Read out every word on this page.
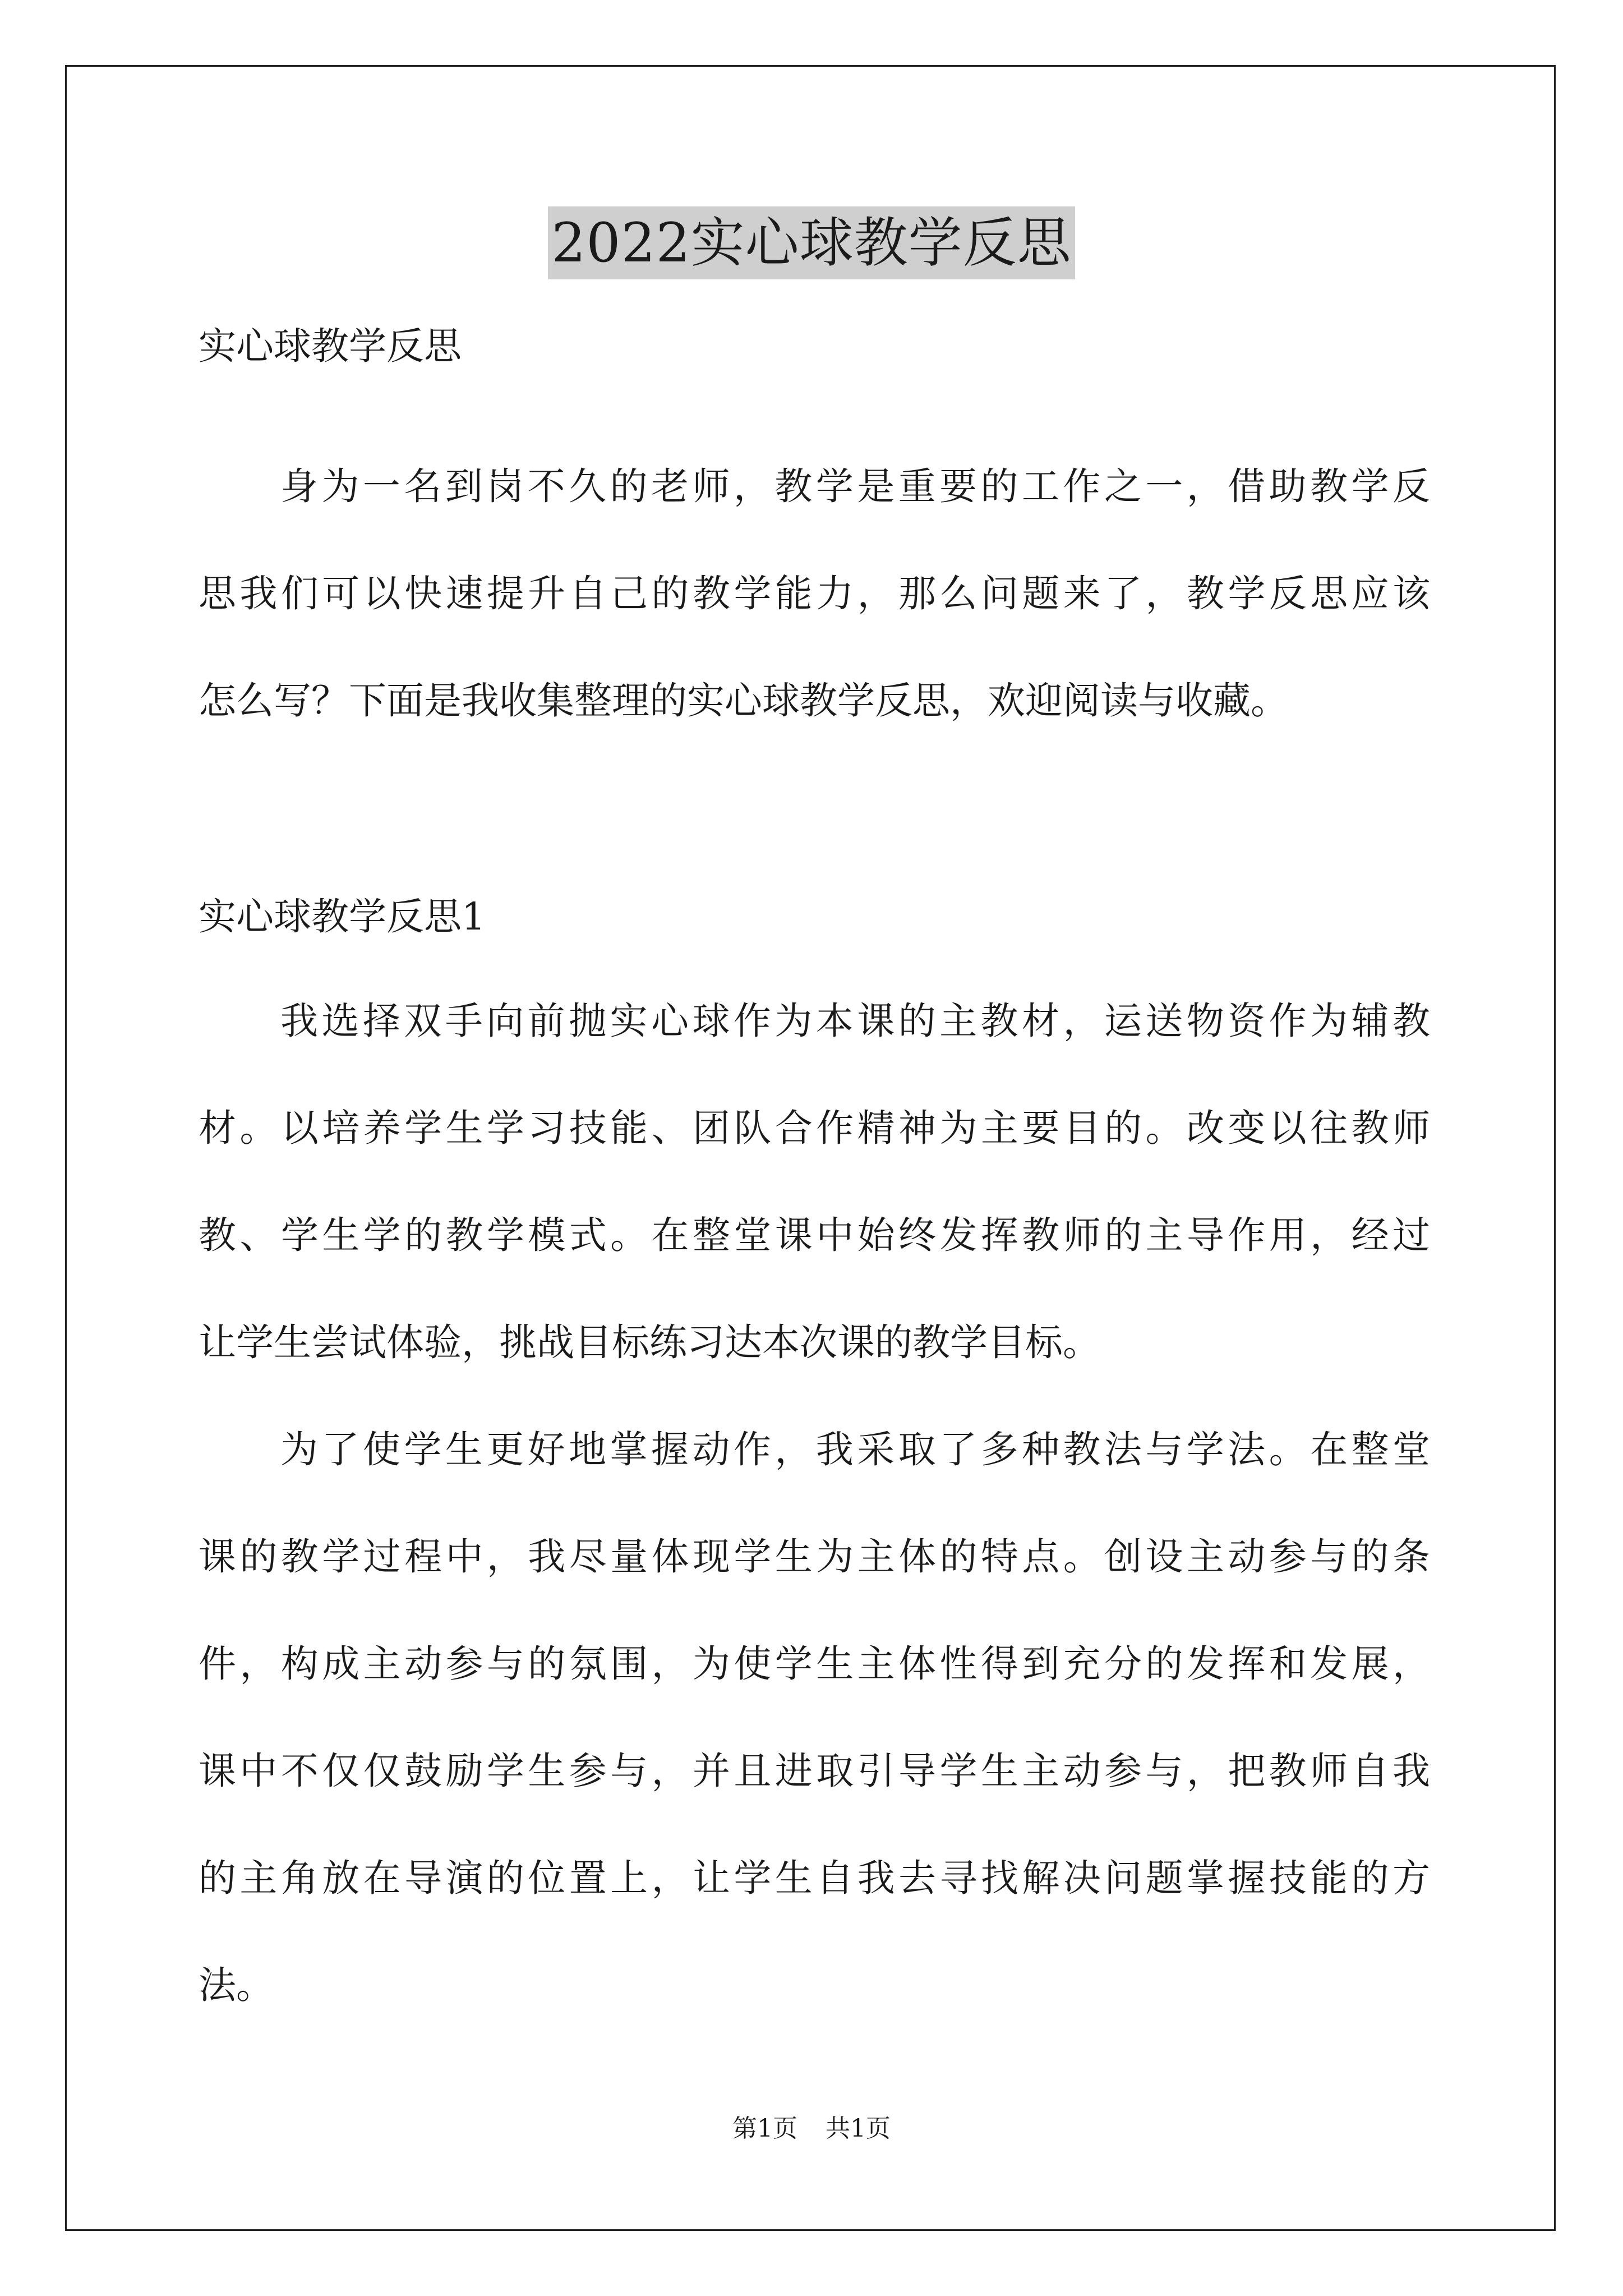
2022实心球教学反思
实心球教学反思
身为一名到岗不久的老师，教学是重要的工作之一，借助教学反
思我们可以快速提升自己的教学能力，那么问题来了，教学反思应该
怎么写？下面是我收集整理的实心球教学反思，欢迎阅读与收藏。
实心球教学反思1
我选择双手向前抛实心球作为本课的主教材，运送物资作为辅教
材。以培养学生学习技能、团队合作精神为主要目的。改变以往教师
教、学生学的教学模式。在整堂课中始终发挥教师的主导作用，经过
让学生尝试体验，挑战目标练习达本次课的教学目标。
为了使学生更好地掌握动作，我采取了多种教法与学法。在整堂
课的教学过程中，我尽量体现学生为主体的特点。创设主动参与的条
件，构成主动参与的氛围，为使学生主体性得到充分的发挥和发展，
课中不仅仅鼓励学生参与，并且进取引导学生主动参与，把教师自我
的主角放在导演的位置上，让学生自我去寻找解决问题掌握技能的方
法。
第1页 共1页
